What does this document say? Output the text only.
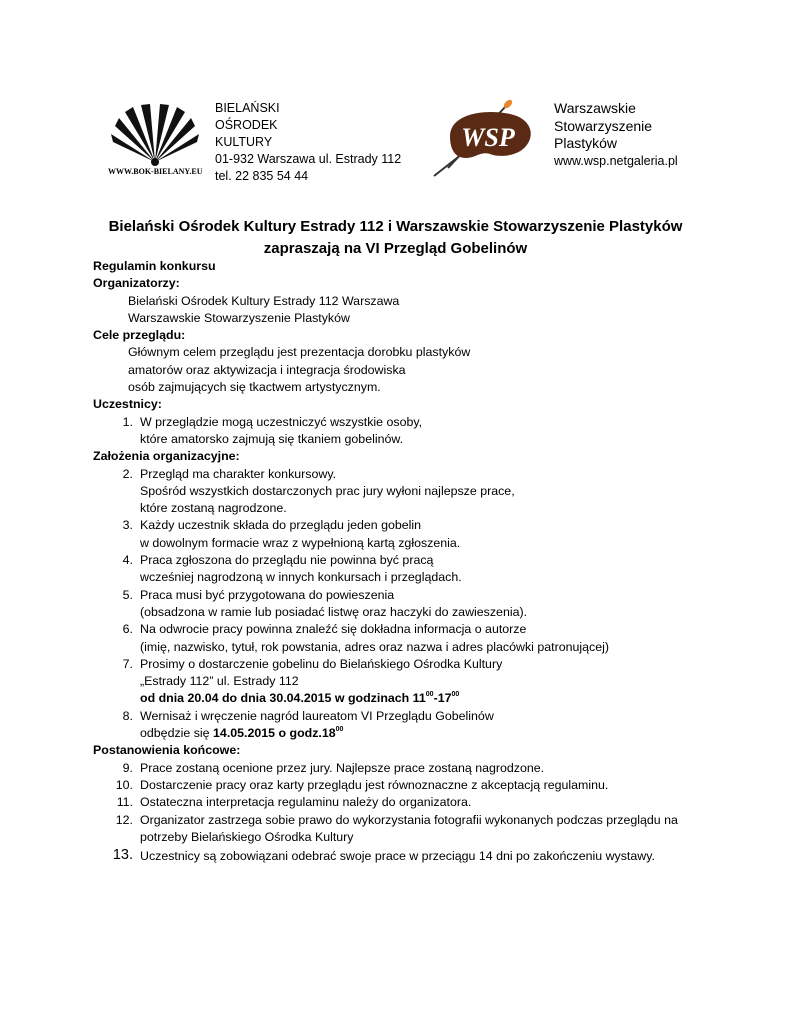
WWW.BOK-BIELANY.EU
BIELAŃSKI
OŚRODEK
KULTURY
01-932 Warszawa ul. Estrady 112
tel. 22 835 54 44
WSP
Warszawskie
Stowarzyszenie
Plastyków
www.wsp.netgaleria.pl
Bielański Ośrodek Kultury Estrady 112 i Warszawskie Stowarzyszenie Plastyków
zapraszają na VI Przegląd Gobelinów
Regulamin konkursu
Organizatorzy:
Bielański Ośrodek Kultury Estrady 112 Warszawa
Warszawskie Stowarzyszenie Plastyków
Cele przeglądu:
Głównym celem przeglądu jest prezentacja dorobku plastyków
amatorów oraz aktywizacja i integracja środowiska
osób zajmujących się tkactwem artystycznym.
Uczestnicy:
1. W przeglądzie mogą uczestniczyć wszystkie osoby,
które amatorsko zajmują się tkaniem gobelinów.
Założenia organizacyjne:
2. Przegląd ma charakter konkursowy.
Spośród wszystkich dostarczonych prac jury wyłoni najlepsze prace,
które zostaną nagrodzone.
3. Każdy uczestnik składa do przeglądu jeden gobelin
w dowolnym formacie wraz z wypełnioną kartą zgłoszenia.
4. Praca zgłoszona do przeglądu nie powinna być pracą
wcześniej nagrodzoną w innych konkursach i przeglądach.
5. Praca musi być przygotowana do powieszenia
(obsadzona w ramie lub posiadać listwę oraz haczyki do zawieszenia).
6. Na odwrocie pracy powinna znaleźć się dokładna informacja o autorze
(imię, nazwisko, tytuł, rok powstania, adres oraz nazwa i adres placówki patronującej)
7. Prosimy o dostarczenie gobelinu do Bielańskiego Ośrodka Kultury
„Estrady 112” ul. Estrady 112
od dnia 20.04 do dnia 30.04.2015 w godzinach $11^{00}-17^{00}$
8. Wernisaż i wręczenie nagród laureatom VI Przeglądu Gobelinów
odbędzie się 14.05.2015 o $godz.18^{00}$
Postanowienia końcowe:
9. Prace zostaną ocenione przez jury. Najlepsze prace zostaną nagrodzone.
10. Dostarczenie pracy oraz karty przeglądu jest równoznaczne z akceptacją regulaminu.
11. Ostateczna interpretacja regulaminu należy do organizatora.
12. Organizator zastrzega sobie prawo do wykorzystania fotografii wykonanych podczas przeglądu na
potrzeby Bielańskiego Ośrodka Kultury
13. Uczestnicy są zobowiązani odebrać swoje prace w przeciągu 14 dni po zakończeniu wystawy.
